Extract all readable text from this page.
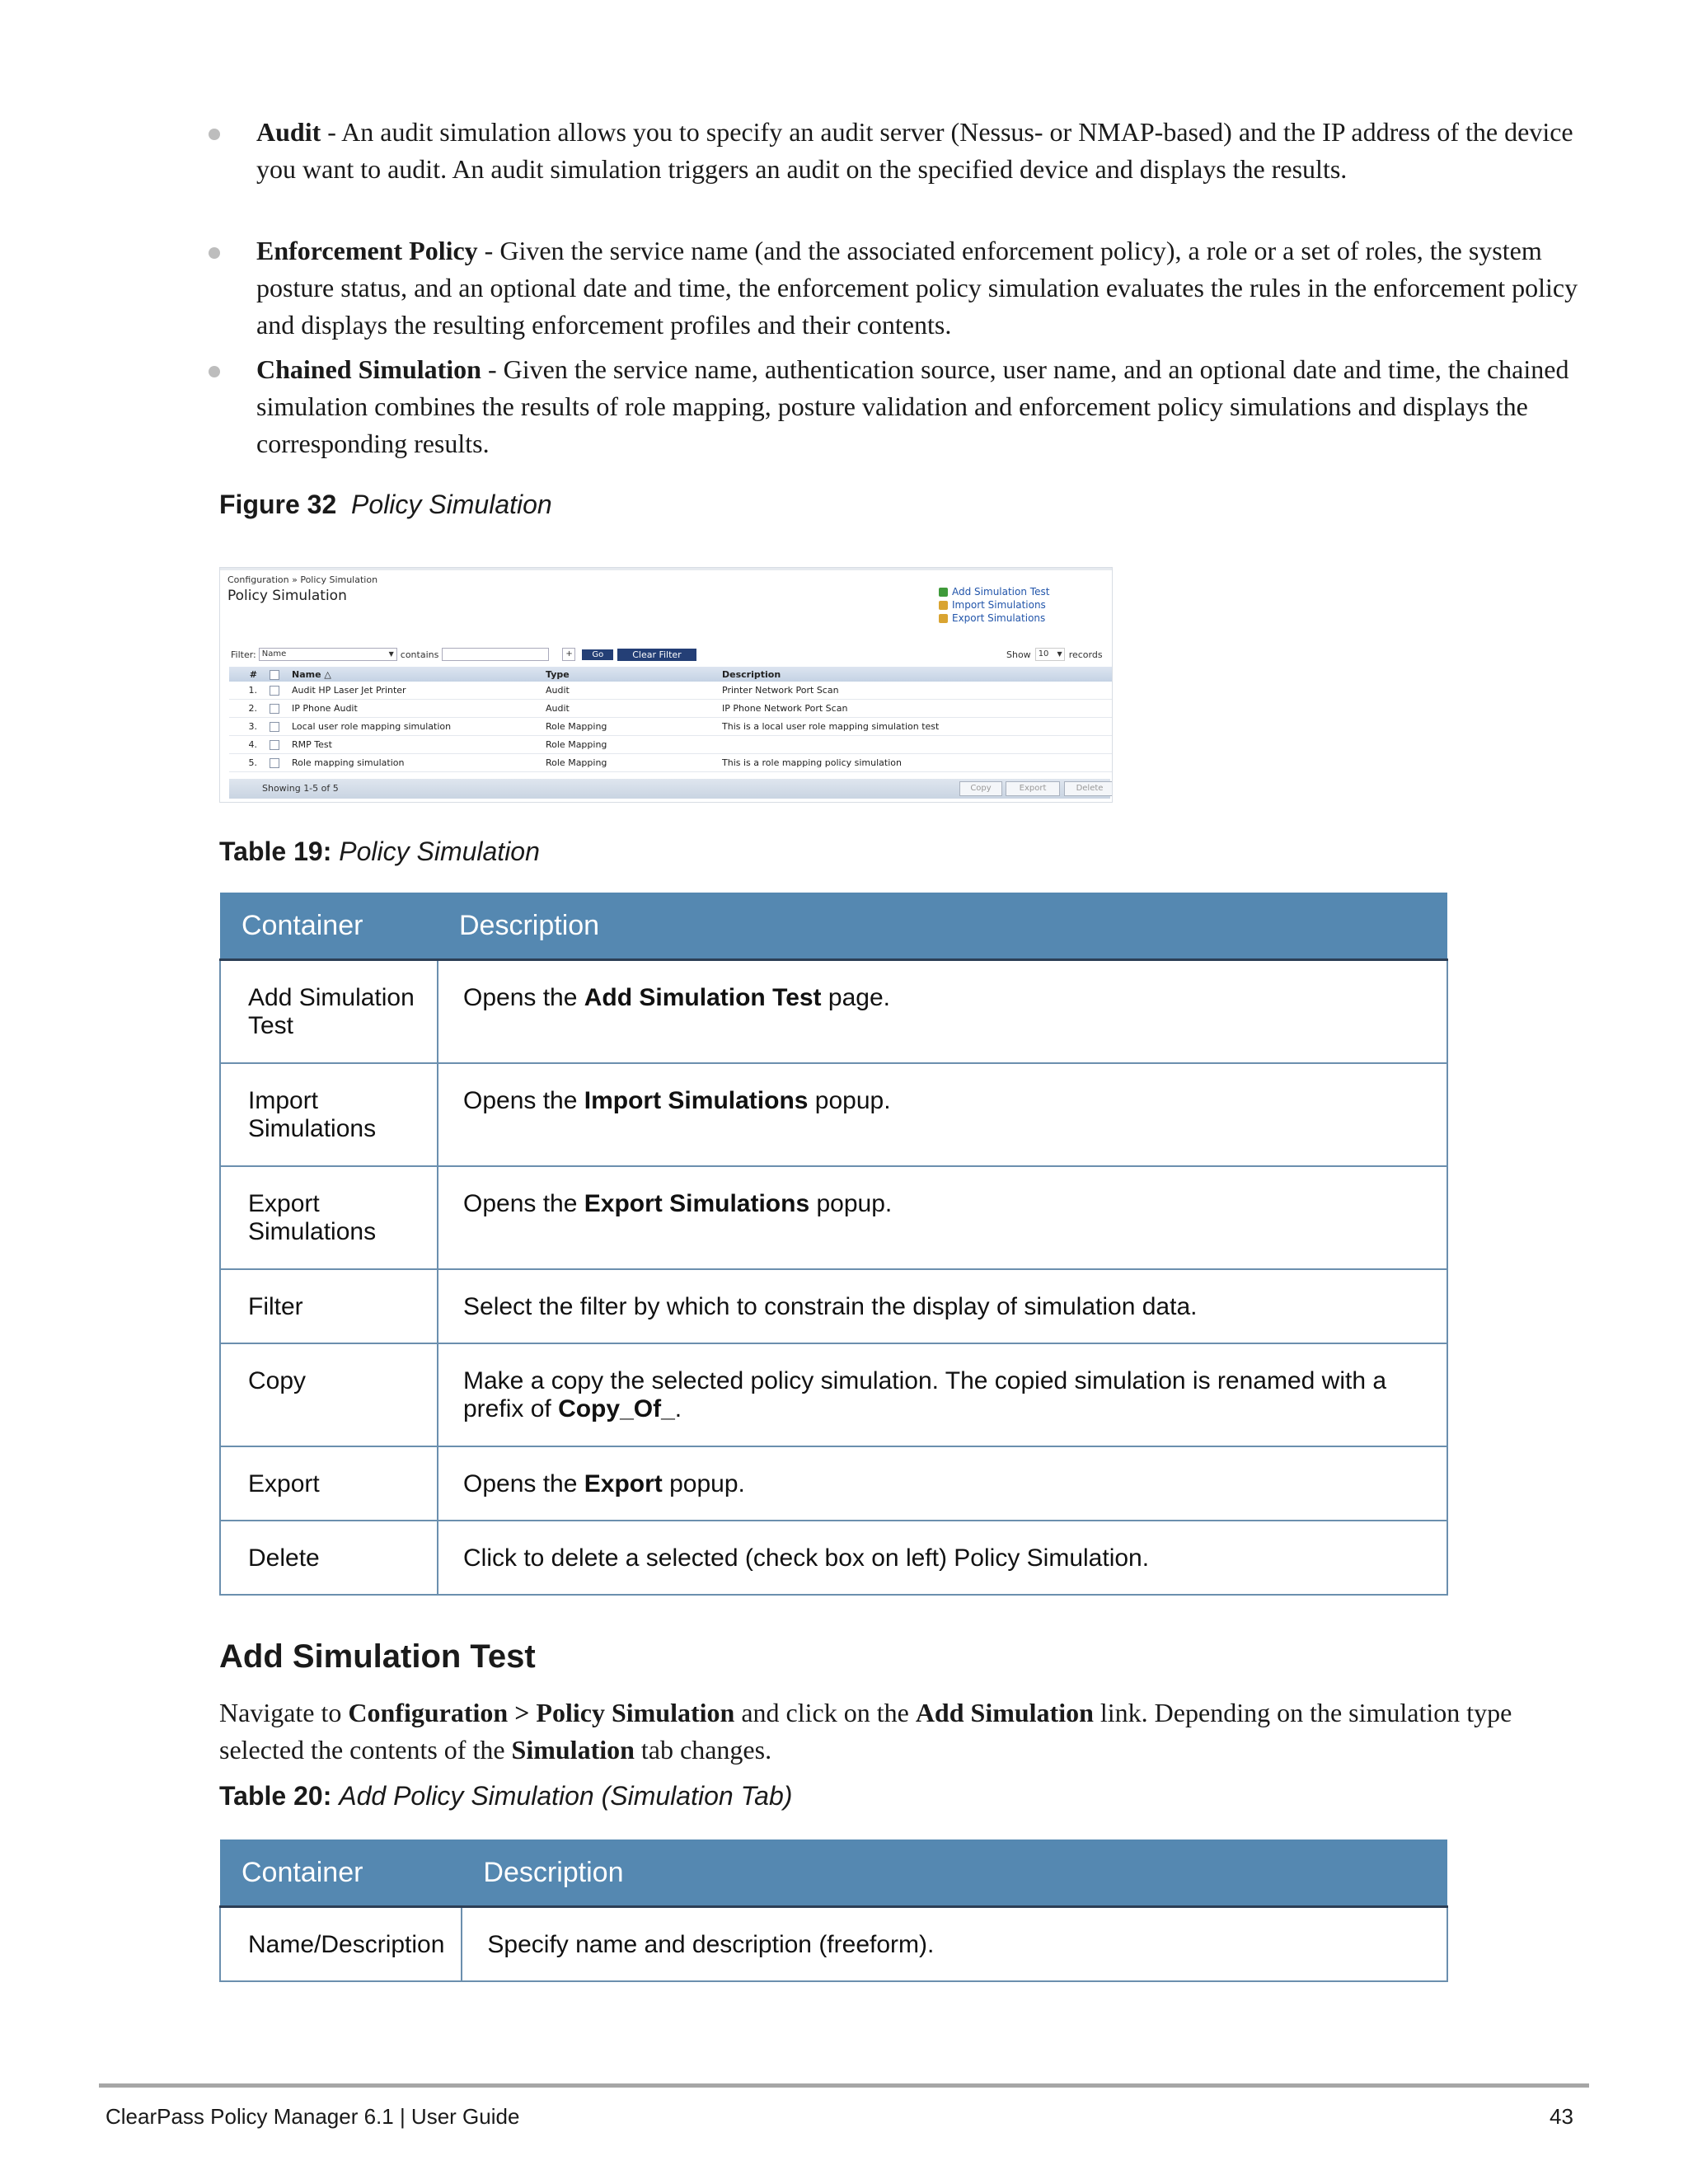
Audit - An audit simulation allows you to specify an audit server (Nessus- or NMAP-based) and the IP address of the device you want to audit. An audit simulation triggers an audit on the specified device and displays the results.
Enforcement Policy - Given the service name (and the associated enforcement policy), a role or a set of roles, the system posture status, and an optional date and time, the enforcement policy simulation evaluates the rules in the enforcement policy and displays the resulting enforcement profiles and their contents.
Chained Simulation - Given the service name, authentication source, user name, and an optional date and time, the chained simulation combines the results of role mapping, posture validation and enforcement policy simulations and displays the corresponding results.
Figure 32 Policy Simulation
Configuration » Policy Simulation
Policy Simulation	Add Simulation Test
Import Simulations
Export Simulations
Filter: Name	▼ contains	+	Go	Clear Filter	Show 10 ▼ records
#		Name △	Type	Description
1.		Audit HP Laser Jet Printer	Audit	Printer Network Port Scan
2.		IP Phone Audit	Audit	IP Phone Network Port Scan
3.		Local user role mapping simulation	Role Mapping	This is a local user role mapping simulation test
4.		RMP Test	Role Mapping	
5.		Role mapping simulation	Role Mapping	This is a role mapping policy simulation
Showing 1-5 of 5	Copy	Export	Delete
Table 19: Policy Simulation
Container	Description
Add Simulation Test	Opens the Add Simulation Test page.
Import Simulations	Opens the Import Simulations popup.
Export Simulations	Opens the Export Simulations popup.
Filter	Select the filter by which to constrain the display of simulation data.
Copy	Make a copy the selected policy simulation. The copied simulation is renamed with a prefix of Copy_Of_.
Export	Opens the Export popup.
Delete	Click to delete a selected (check box on left) Policy Simulation.
Add Simulation Test
Navigate to Configuration > Policy Simulation and click on the Add Simulation link. Depending on the simulation type selected the contents of the Simulation tab changes.
Table 20: Add Policy Simulation (Simulation Tab)
Container	Description
Name/Description	Specify name and description (freeform).
ClearPass Policy Manager 6.1 | User Guide	43
